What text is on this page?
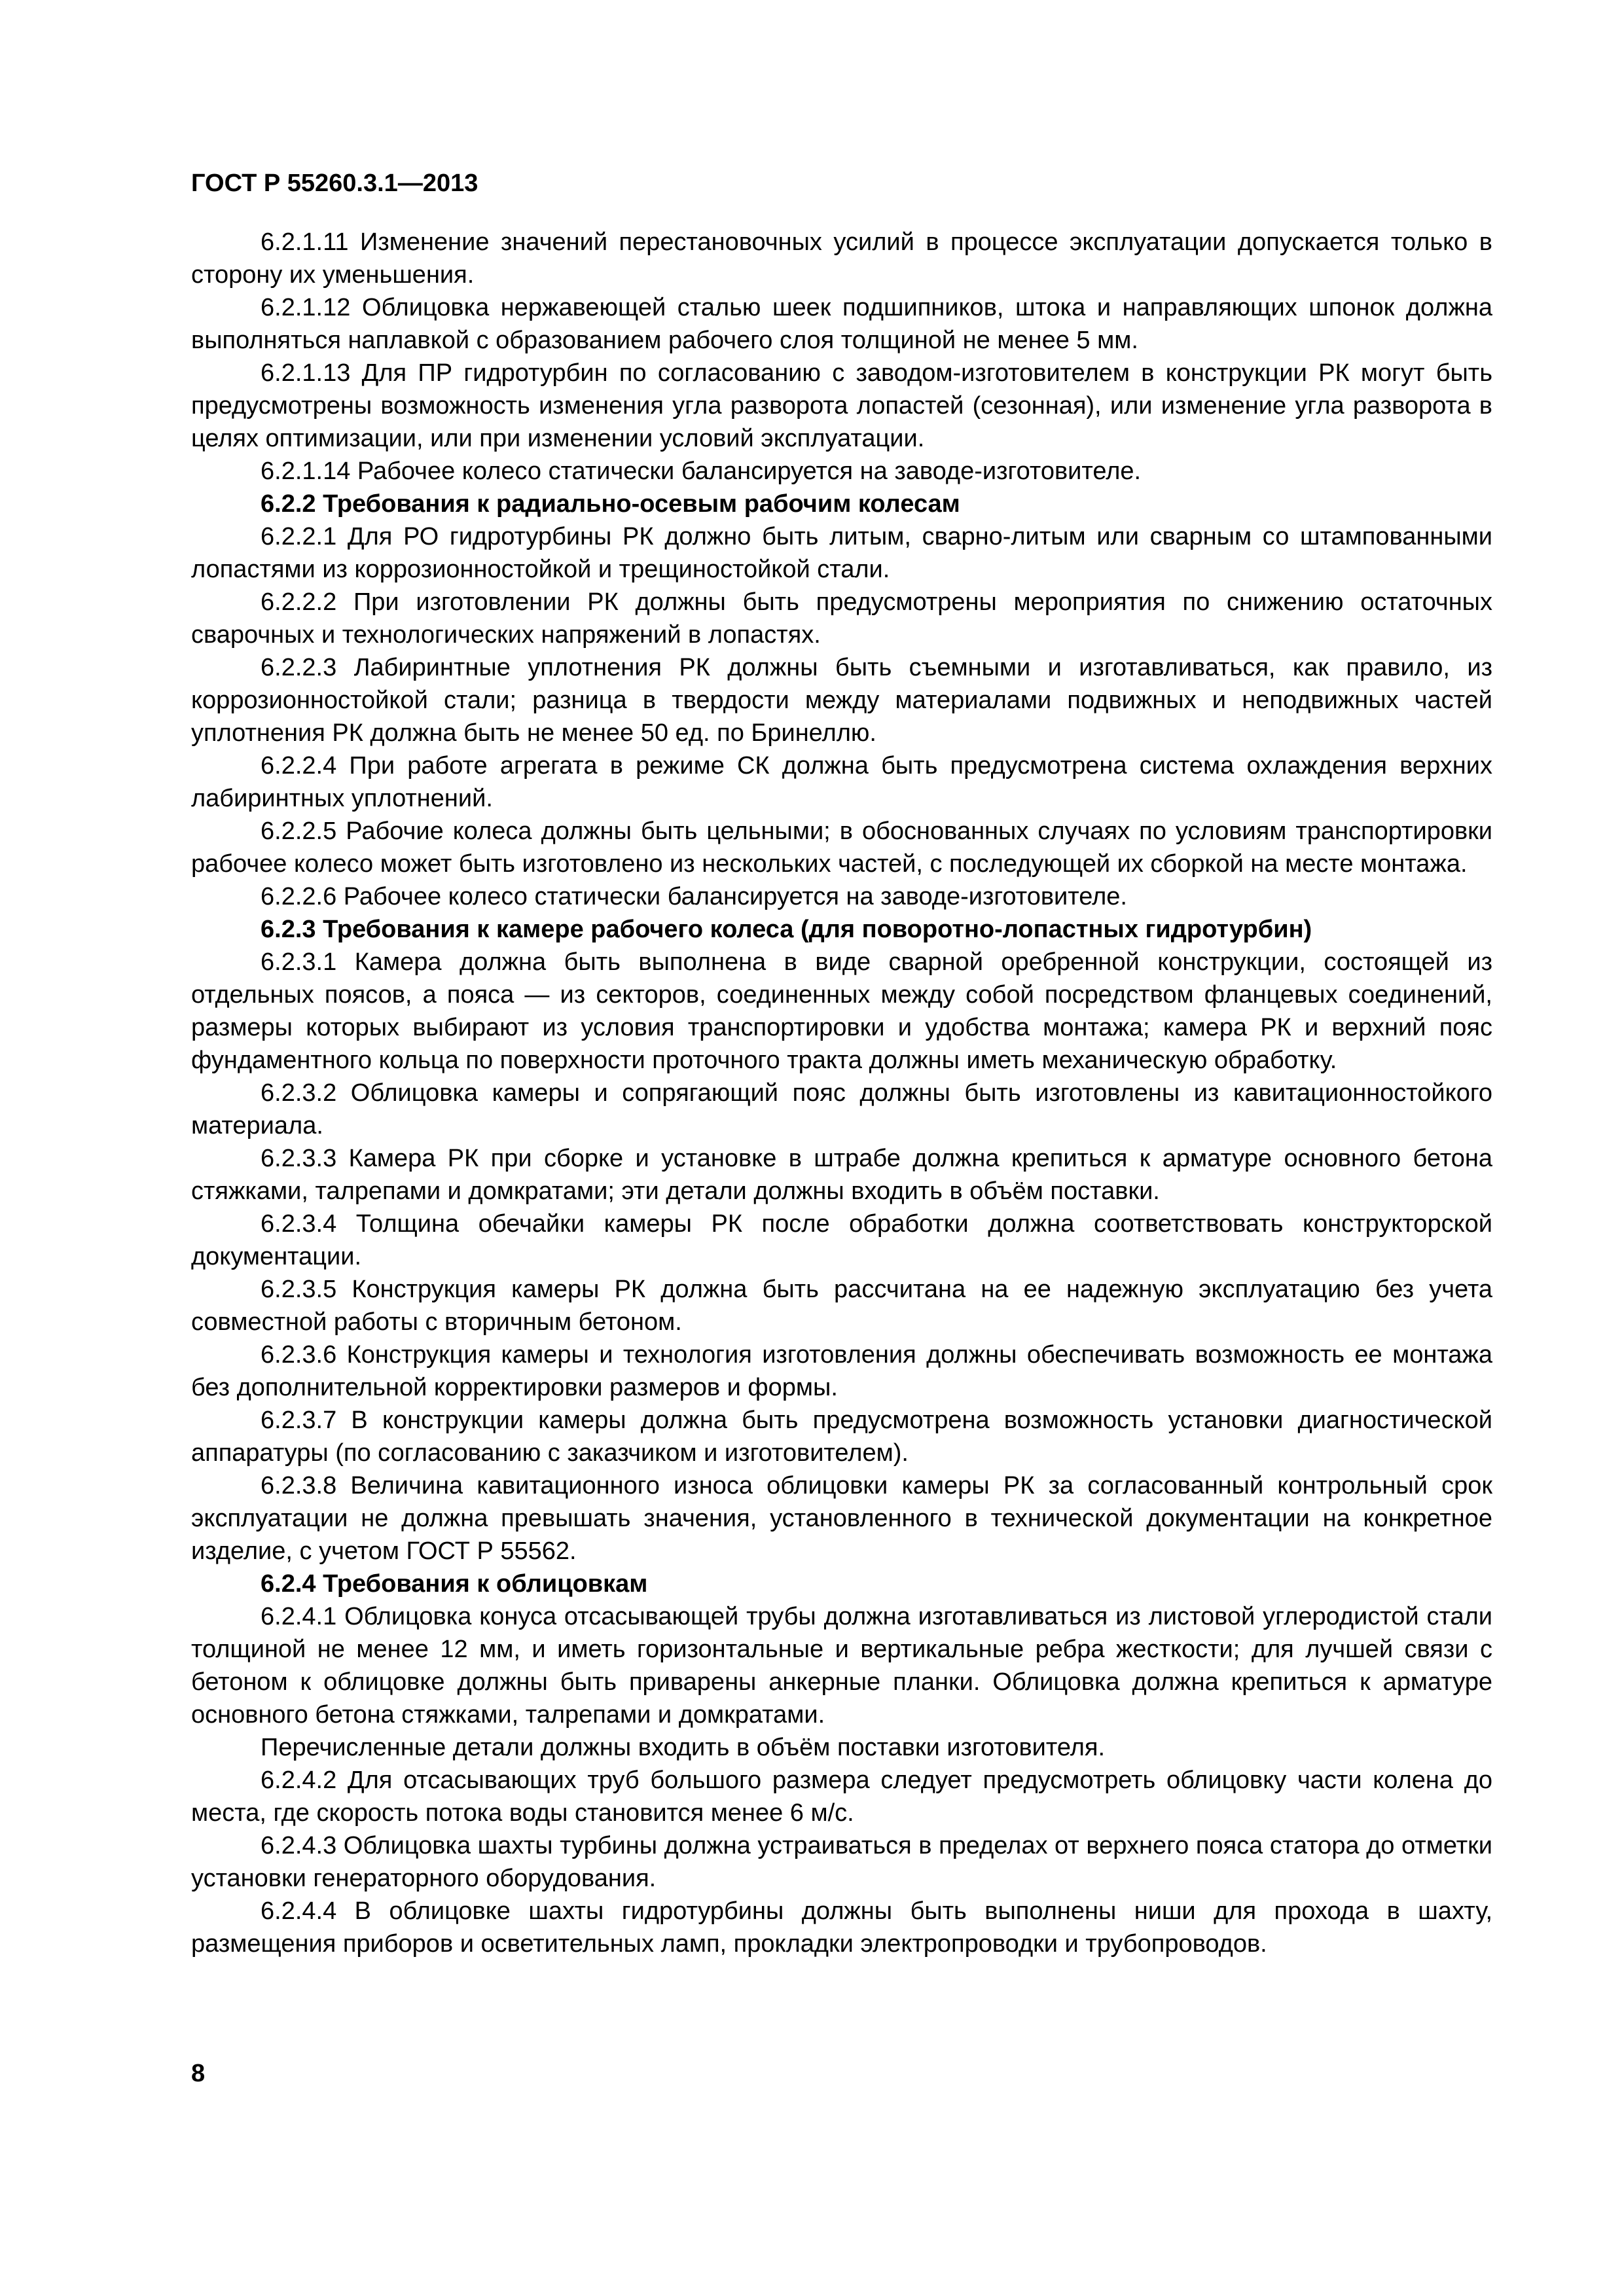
ГОСТ Р 55260.3.1—2013

6.2.1.11 Изменение значений перестановочных усилий в процессе эксплуатации допускается только в сторону их уменьшения.

6.2.1.12 Облицовка нержавеющей сталью шеек подшипников, штока и направляющих шпонок должна выполняться наплавкой с образованием рабочего слоя толщиной не менее 5 мм.

6.2.1.13 Для ПР гидротурбин по согласованию с заводом-изготовителем в конструкции РК могут быть предусмотрены возможность изменения угла разворота лопастей (сезонная), или изменение угла разворота в целях оптимизации, или при изменении условий эксплуатации.

6.2.1.14 Рабочее колесо статически балансируется на заводе-изготовителе.

6.2.2 Требования к радиально-осевым рабочим колесам

6.2.2.1 Для РО гидротурбины РК должно быть литым, сварно-литым или сварным со штампованными лопастями из коррозионностойкой и трещиностойкой стали.

6.2.2.2 При изготовлении РК должны быть предусмотрены мероприятия по снижению остаточных сварочных и технологических напряжений в лопастях.

6.2.2.3 Лабиринтные уплотнения РК должны быть съемными и изготавливаться, как правило, из коррозионностойкой стали; разница в твердости между материалами подвижных и неподвижных частей уплотнения РК должна быть не менее 50 ед. по Бринеллю.

6.2.2.4 При работе агрегата в режиме СК должна быть предусмотрена система охлаждения верхних лабиринтных уплотнений.

6.2.2.5 Рабочие колеса должны быть цельными; в обоснованных случаях по условиям транспортировки рабочее колесо может быть изготовлено из нескольких частей, с последующей их сборкой на месте монтажа.

6.2.2.6 Рабочее колесо статически балансируется на заводе-изготовителе.

6.2.3 Требования к камере рабочего колеса (для поворотно-лопастных гидротурбин)

6.2.3.1 Камера должна быть выполнена в виде сварной оребренной конструкции, состоящей из отдельных поясов, а пояса — из секторов, соединенных между собой посредством фланцевых соединений, размеры которых выбирают из условия транспортировки и удобства монтажа; камера РК и верхний пояс фундаментного кольца по поверхности проточного тракта должны иметь механическую обработку.

6.2.3.2 Облицовка камеры и сопрягающий пояс должны быть изготовлены из кавитационностойкого материала.

6.2.3.3 Камера РК при сборке и установке в штрабе должна крепиться к арматуре основного бетона стяжками, талрепами и домкратами; эти детали должны входить в объём поставки.

6.2.3.4 Толщина обечайки камеры РК после обработки должна соответствовать конструкторской документации.

6.2.3.5 Конструкция камеры РК должна быть рассчитана на ее надежную эксплуатацию без учета совместной работы с вторичным бетоном.

6.2.3.6 Конструкция камеры и технология изготовления должны обеспечивать возможность ее монтажа без дополнительной корректировки размеров и формы.

6.2.3.7 В конструкции камеры должна быть предусмотрена возможность установки диагностической аппаратуры (по согласованию с заказчиком и изготовителем).

6.2.3.8 Величина кавитационного износа облицовки камеры РК за согласованный контрольный срок эксплуатации не должна превышать значения, установленного в технической документации на конкретное изделие, с учетом ГОСТ Р 55562.

6.2.4 Требования к облицовкам

6.2.4.1 Облицовка конуса отсасывающей трубы должна изготавливаться из листовой углеродистой стали толщиной не менее 12 мм, и иметь горизонтальные и вертикальные ребра жесткости; для лучшей связи с бетоном к облицовке должны быть приварены анкерные планки. Облицовка должна крепиться к арматуре основного бетона стяжками, талрепами и домкратами.

Перечисленные детали должны входить в объём поставки изготовителя.

6.2.4.2 Для отсасывающих труб большого размера следует предусмотреть облицовку части колена до места, где скорость потока воды становится менее 6 м/с.

6.2.4.3 Облицовка шахты турбины должна устраиваться в пределах от верхнего пояса статора до отметки установки генераторного оборудования.

6.2.4.4 В облицовке шахты гидротурбины должны быть выполнены ниши для прохода в шахту, размещения приборов и осветительных ламп, прокладки электропроводки и трубопроводов.

8
